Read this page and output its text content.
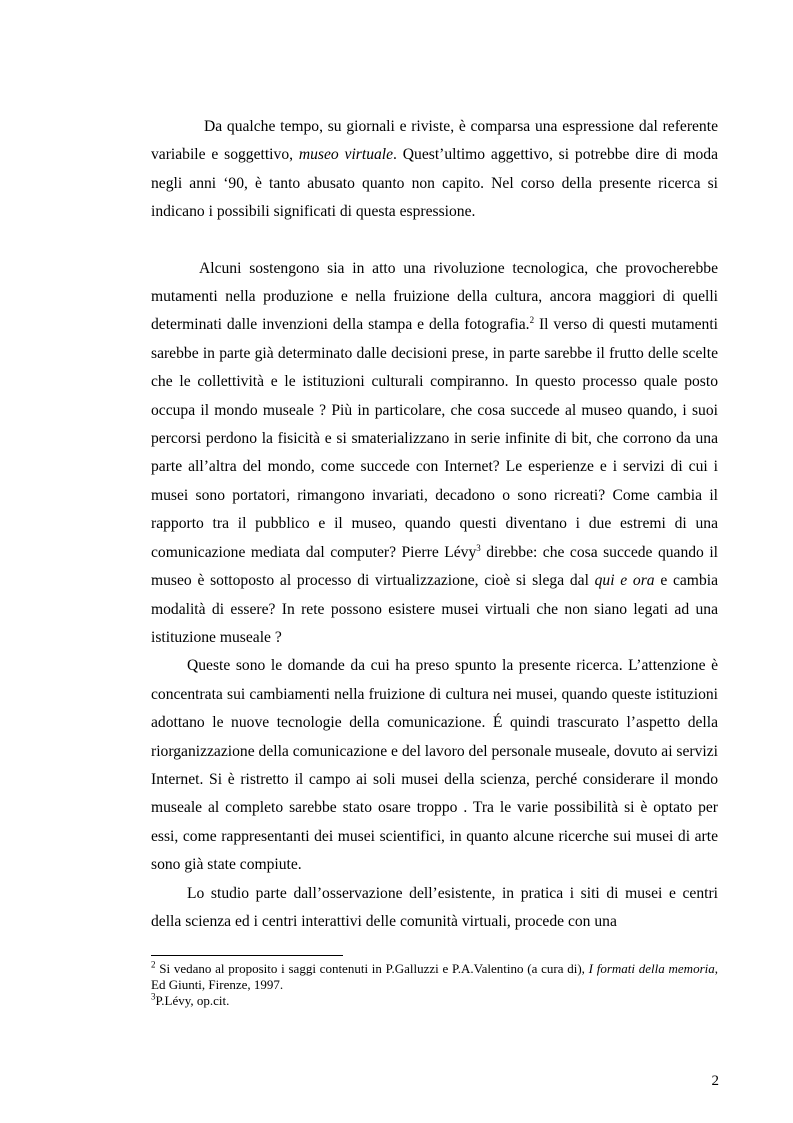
Da qualche tempo, su giornali e riviste, è comparsa una espressione dal referente variabile e soggettivo, museo virtuale. Quest’ultimo aggettivo, si potrebbe dire di moda negli anni ‘90, è tanto abusato quanto non capito. Nel corso della presente ricerca si indicano i possibili significati di questa espressione.

Alcuni sostengono sia in atto una rivoluzione tecnologica, che provocherebbe mutamenti nella produzione e nella fruizione della cultura, ancora maggiori di quelli determinati dalle invenzioni della stampa e della fotografia.$^2$ Il verso di questi mutamenti sarebbe in parte già determinato dalle decisioni prese, in parte sarebbe il frutto delle scelte che le collettività e le istituzioni culturali compiranno. In questo processo quale posto occupa il mondo museale ? Più in particolare, che cosa succede al museo quando, i suoi percorsi perdono la fisicità e si smaterializzano in serie infinite di bit, che corrono da una parte all’altra del mondo, come succede con Internet? Le esperienze e i servizi di cui i musei sono portatori, rimangono invariati, decadono o sono ricreati? Come cambia il rapporto tra il pubblico e il museo, quando questi diventano i due estremi di una comunicazione mediata dal computer? Pierre Lévy$^3$ direbbe: che cosa succede quando il museo è sottoposto al processo di virtualizzazione, cioè si slega dal qui e ora e cambia modalità di essere? In rete possono esistere musei virtuali che non siano legati ad una istituzione museale ?

Queste sono le domande da cui ha preso spunto la presente ricerca. L’attenzione è concentrata sui cambiamenti nella fruizione di cultura nei musei, quando queste istituzioni adottano le nuove tecnologie della comunicazione. É quindi trascurato l’aspetto della riorganizzazione della comunicazione e del lavoro del personale museale, dovuto ai servizi Internet. Si è ristretto il campo ai soli musei della scienza, perché considerare il mondo museale al completo sarebbe stato osare troppo . Tra le varie possibilità si è optato per essi, come rappresentanti dei musei scientifici, in quanto alcune ricerche sui musei di arte sono già state compiute.

Lo studio parte dall’osservazione dell’esistente, in pratica i siti di musei e centri della scienza ed i centri interattivi delle comunità virtuali, procede con una

$^2$ Si vedano al proposito i saggi contenuti in P.Galluzzi e P.A.Valentino (a cura di), I formati della memoria, Ed Giunti, Firenze, 1997.

$^3$P.Lévy, op.cit.

2
